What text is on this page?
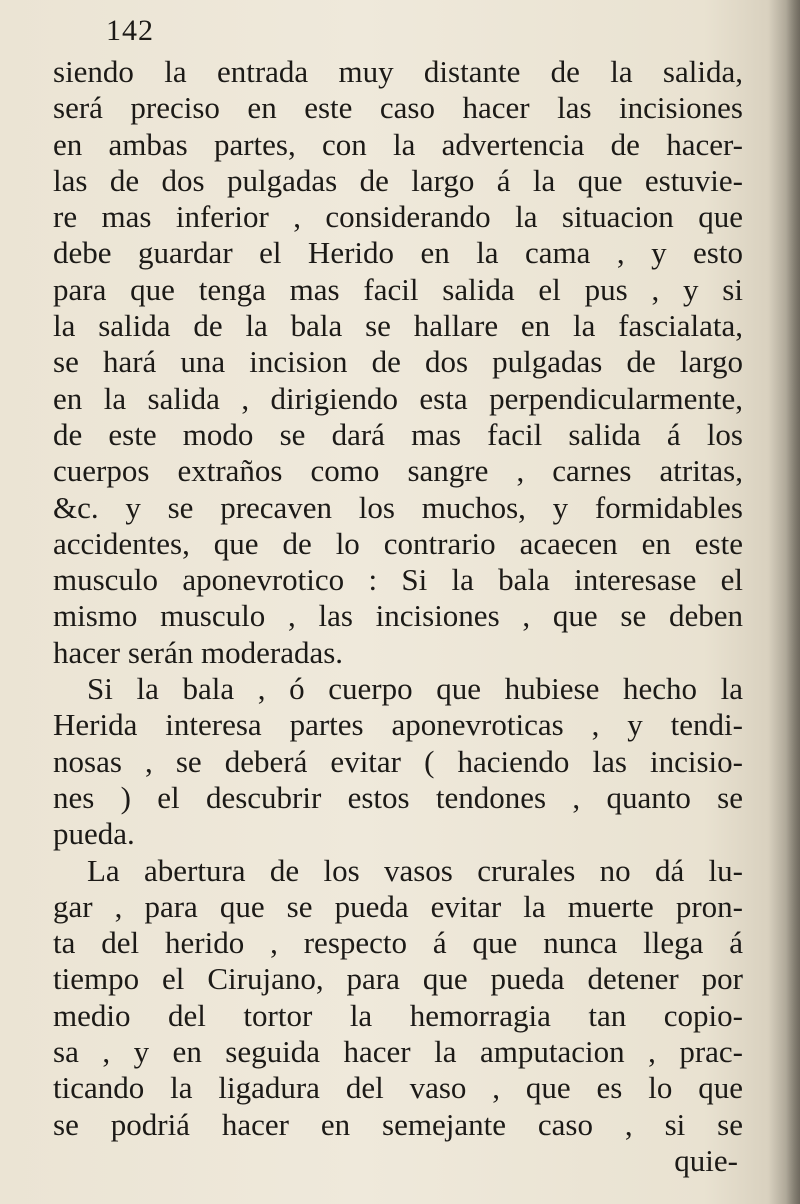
142
siendo la entrada muy distante de la salida,
será preciso en este caso hacer las incisiones
en ambas partes, con la advertencia de hacer-
las de dos pulgadas de largo á la que estuvie-
re mas inferior , considerando la situacion que
debe guardar el Herido en la cama , y esto
para que tenga mas facil salida el pus , y si
la salida de la bala se hallare en la fascialata,
se hará una incision de dos pulgadas de largo
en la salida , dirigiendo esta perpendicularmente,
de este modo se dará mas facil salida á los
cuerpos extraños como sangre , carnes atritas,
&c. y se precaven los muchos, y formidables
accidentes, que de lo contrario acaecen en este
musculo aponevrotico : Si la bala interesase el
mismo musculo , las incisiones , que se deben
hacer serán moderadas.
Si la bala , ó cuerpo que hubiese hecho la
Herida interesa partes aponevroticas , y tendi-
nosas , se deberá evitar ( haciendo las incisio-
nes ) el descubrir estos tendones , quanto se
pueda.
La abertura de los vasos crurales no dá lu-
gar , para que se pueda evitar la muerte pron-
ta del herido , respecto á que nunca llega á
tiempo el Cirujano, para que pueda detener por
medio del tortor la hemorragia tan copio-
sa , y en seguida hacer la amputacion , prac-
ticando la ligadura del vaso , que es lo que
se podriá hacer en semejante caso , si se
quie-
